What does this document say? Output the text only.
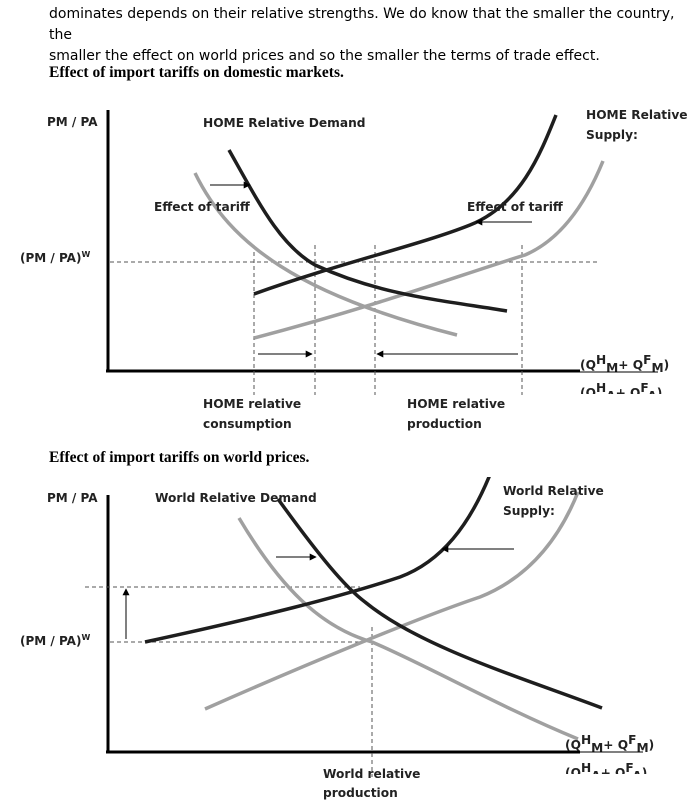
dominates depends on their relative strengths. We do know that the smaller the country, the
smaller the effect on world prices and so the smaller the terms of trade effect.

Effect of import tariffs on domestic markets.

PM / PA
(PM / PA)$^W$
HOME Relative Demand
HOME Relative
Supply:
Effect of tariff	Effect of tariff
HOME relative
consumption
HOME relative
production
(QHM+ QFM)
(QHA+ QFA)

Effect of import tariffs on world prices.

PM / PA
(PM / PA)$^W$
World Relative Demand	World Relative
Supply:
World relative
production
(QHM+ QFM)
(QHA+ QFA)
